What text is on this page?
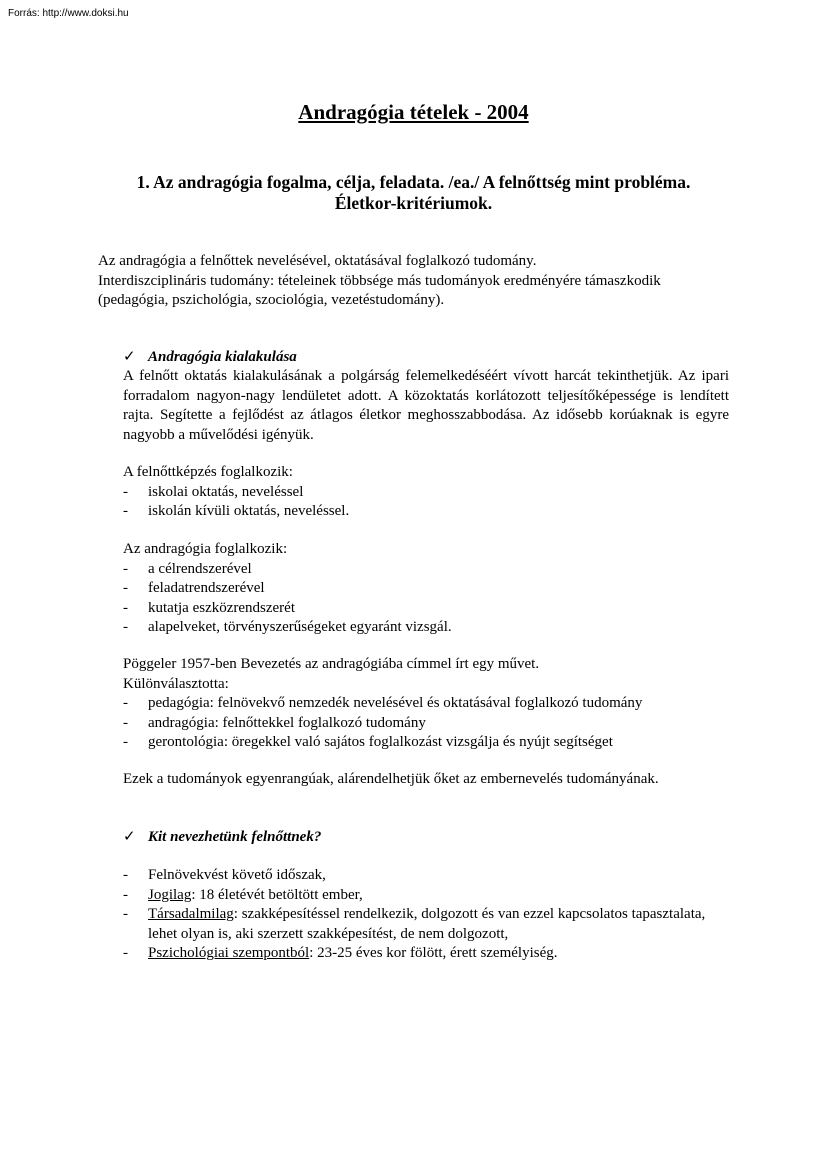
Forrás: http://www.doksi.hu
Andragógia tételek - 2004
1. Az andragógia fogalma, célja, feladata. /ea./ A felnőttség mint probléma.
Életkor-kritériumok.
Az andragógia a felnőttek nevelésével, oktatásával foglalkozó tudomány.
Interdiszciplináris tudomány: tételeinek többsége más tudományok eredményére támaszkodik
(pedagógia, pszichológia, szociológia, vezetéstudomány).
✓ Andragógia kialakulása
A felnőtt oktatás kialakulásának a polgárság felemelkedéséért vívott harcát tekinthetjük. Az ipari forradalom nagyon-nagy lendületet adott. A közoktatás korlátozott teljesítőképessége is lendített rajta. Segítette a fejlődést az átlagos életkor meghosszabbodása. Az idősebb korúaknak is egyre nagyobb a művelődési igényük.
A felnőttképzés foglalkozik:
- iskolai oktatás, neveléssel
- iskolán kívüli oktatás, neveléssel.
Az andragógia foglalkozik:
- a célrendszerével
- feladatrendszerével
- kutatja eszközrendszerét
- alapelveket, törvényszerűségeket egyaránt vizsgál.
Pöggeler 1957-ben Bevezetés az andragógiába címmel írt egy művet.
Különválasztotta:
- pedagógia: felnövekvő nemzedék nevelésével és oktatásával foglalkozó tudomány
- andragógia: felnőttekkel foglalkozó tudomány
- gerontológia: öregekkel való sajátos foglalkozást vizsgálja és nyújt segítséget
Ezek a tudományok egyenrangúak, alárendelhetjük őket az embernevelés tudományának.
✓ Kit nevezhetünk felnőttnek?
- Felnövekvést követő időszak,
- Jogilag: 18 életévét betöltött ember,
- Társadalmilag: szakképesítéssel rendelkezik, dolgozott és van ezzel kapcsolatos tapasztalata, lehet olyan is, aki szerzett szakképesítést, de nem dolgozott,
- Pszichológiai szempontból: 23-25 éves kor fölött, érett személyiség.
